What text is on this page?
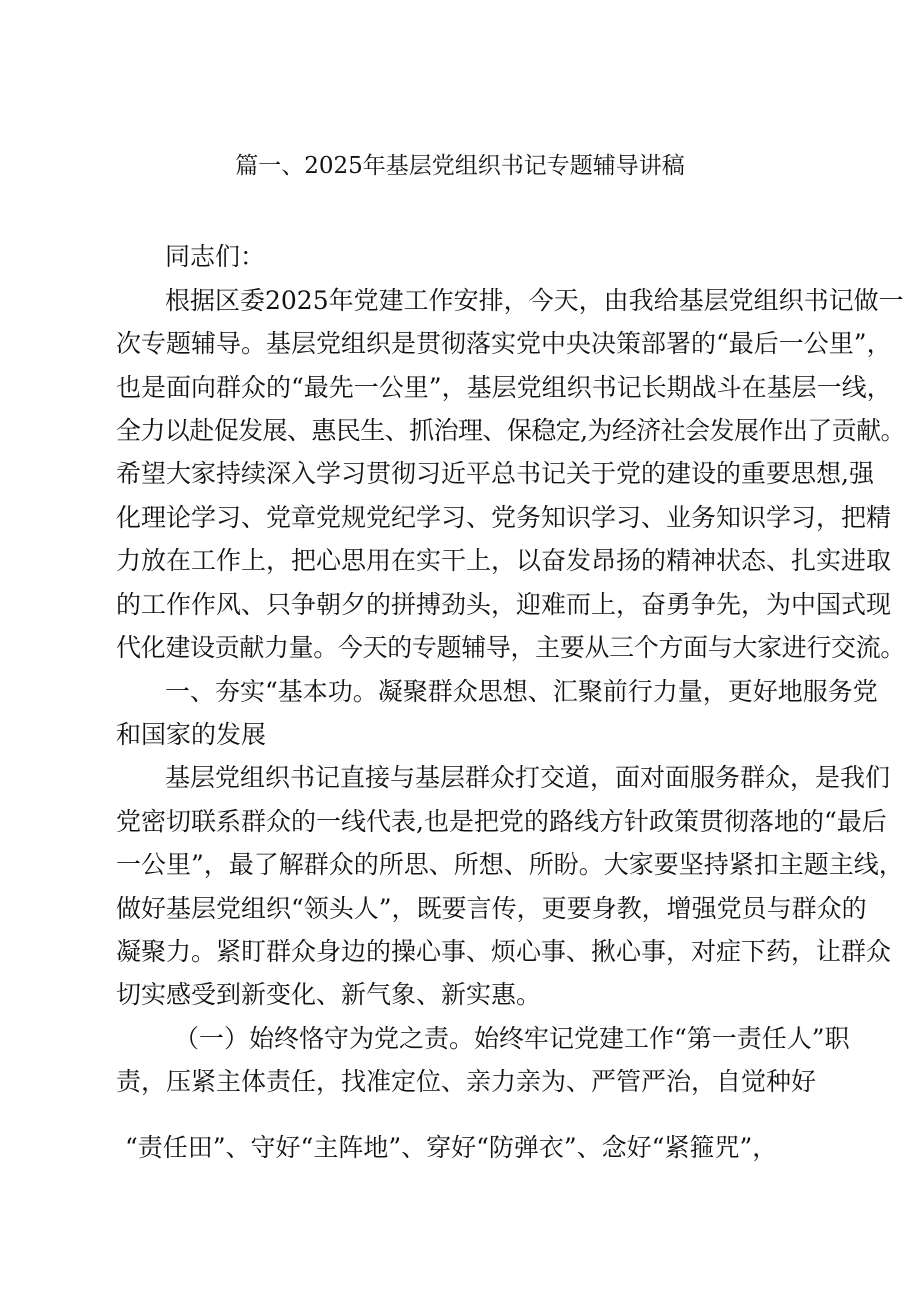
篇一、2025年基层党组织书记专题辅导讲稿
同志们：
根据区委2025年党建工作安排，今天，由我给基层党组织书记做一
次专题辅导。基层党组织是贯彻落实党中央决策部署的“最后一公里”，
也是面向群众的“最先一公里”，基层党组织书记长期战斗在基层一线，
全力以赴促发展、惠民生、抓治理、保稳定,为经济社会发展作出了贡献。
希望大家持续深入学习贯彻习近平总书记关于党的建设的重要思想,强
化理论学习、党章党规党纪学习、党务知识学习、业务知识学习，把精
力放在工作上，把心思用在实干上，以奋发昂扬的精神状态、扎实进取
的工作作风、只争朝夕的拼搏劲头，迎难而上，奋勇争先，为中国式现
代化建设贡献力量。今天的专题辅导，主要从三个方面与大家进行交流。
一、夯实“基本功。凝聚群众思想、汇聚前行力量，更好地服务党
和国家的发展
基层党组织书记直接与基层群众打交道，面对面服务群众，是我们
党密切联系群众的一线代表,也是把党的路线方针政策贯彻落地的“最后
一公里”，最了解群众的所思、所想、所盼。大家要坚持紧扣主题主线，
做好基层党组织“领头人”，既要言传，更要身教，增强党员与群众的
凝聚力。紧盯群众身边的操心事、烦心事、揪心事，对症下药，让群众
切实感受到新变化、新气象、新实惠。
（一）始终恪守为党之责。始终牢记党建工作“第一责任人”职
责，压紧主体责任，找准定位、亲力亲为、严管严治，自觉种好
“责任田”、守好“主阵地”、穿好“防弹衣”、念好“紧箍咒”，
